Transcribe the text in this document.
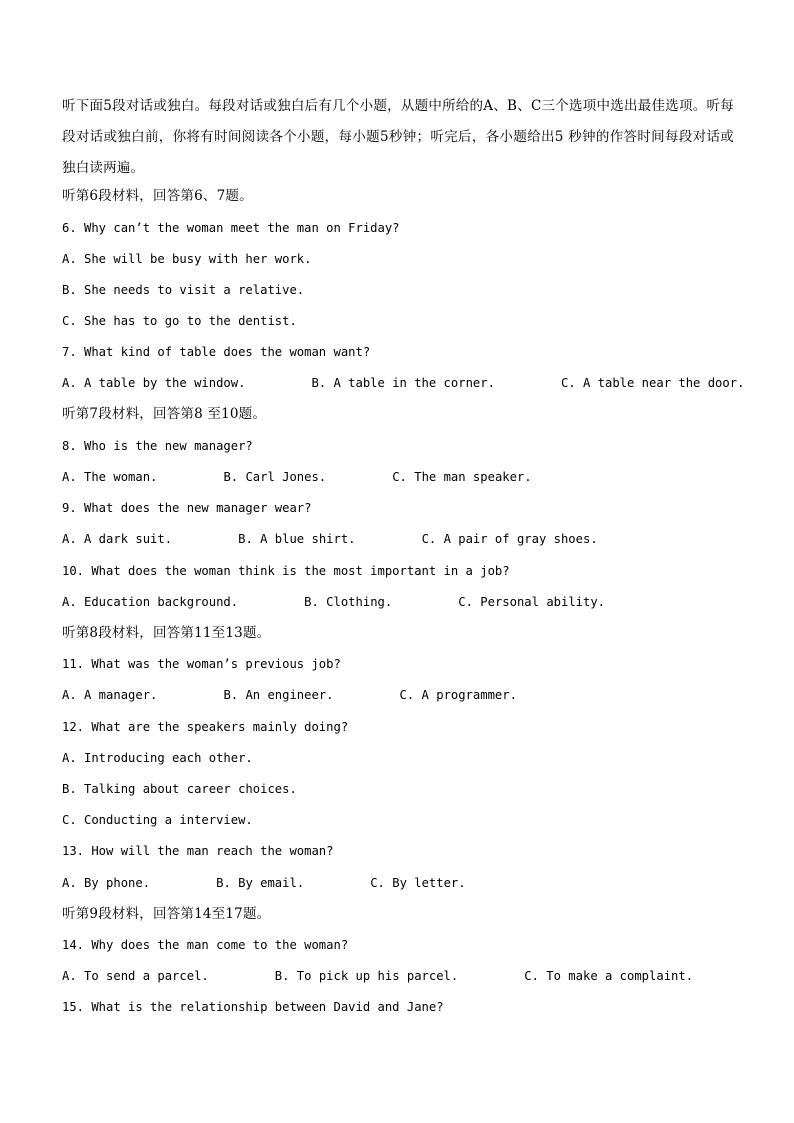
听下面5段对话或独白。每段对话或独白后有几个小题，从题中所给的A、B、C三个选项中选出最佳选项。听每段对话或独白前，你将有时间阅读各个小题，每小题5秒钟；听完后，各小题给出5 秒钟的作答时间每段对话或独白读两遍。

听第6段材料，回答第6、7题。

6. Why can’t the woman meet the man on Friday?

A. She will be busy with her work.

B. She needs to visit a relative.

C. She has to go to the dentist.

7. What kind of table does the woman want?

A. A table by the window.	B. A table in the corner.	C. A table near the door.

听第7段材料，回答第8 至10题。

8. Who is the new manager?

A. The woman.	B. Carl Jones.	C. The man speaker.

9. What does the new manager wear?

A. A dark suit.	B. A blue shirt.	C. A pair of gray shoes.

10. What does the woman think is the most important in a job?

A. Education background.	B. Clothing.	C. Personal ability.

听第8段材料，回答第11至13题。

11. What was the woman’s previous job?

A. A manager.	B. An engineer.	C. A programmer.

12. What are the speakers mainly doing?

A. Introducing each other.

B. Talking about career choices.

C. Conducting a interview.

13. How will the man reach the woman?

A. By phone.	B. By email.	C. By letter.

听第9段材料，回答第14至17题。

14. Why does the man come to the woman?

A. To send a parcel.	B. To pick up his parcel.	C. To make a complaint.

15. What is the relationship between David and Jane?
